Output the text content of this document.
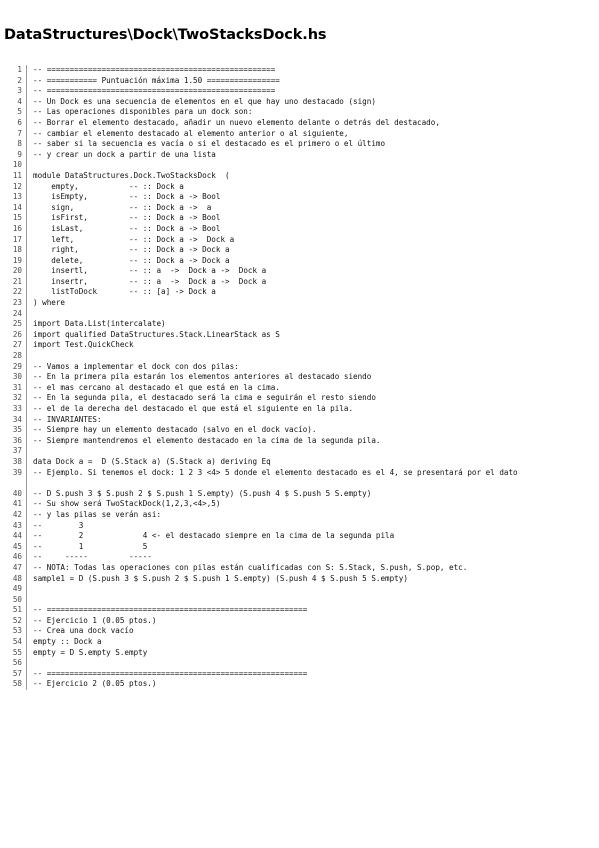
DataStructures\Dock\TwoStacksDock.hs
1 -- ==================================================
2 -- =========== Puntuación máxima 1.50 ================
3 -- ==================================================
4 -- Un Dock es una secuencia de elementos en el que hay uno destacado (sign)
5 -- Las operaciones disponibles para un dock son:
6 -- Borrar el elemento destacado, añadir un nuevo elemento delante o detrás del destacado,
7 -- cambiar el elemento destacado al elemento anterior o al siguiente,
8 -- saber si la secuencia es vacía o si el destacado es el primero o el último
9 -- y crear un dock a partir de una lista
10
11 module DataStructures.Dock.TwoStacksDock  (
12 empty,           -- :: Dock a
13 isEmpty,         -- :: Dock a -> Bool
14 sign,            -- :: Dock a ->  a
15 isFirst,         -- :: Dock a -> Bool
16 isLast,          -- :: Dock a -> Bool
17 left,            -- :: Dock a ->  Dock a
18 right,           -- :: Dock a -> Dock a
19 delete,          -- :: Dock a -> Dock a
20 insertl,         -- :: a  ->  Dock a ->  Dock a
21 insertr,         -- :: a  ->  Dock a ->  Dock a
22 listToDock       -- :: [a] -> Dock a
23 ) where
24
25 import Data.List(intercalate)
26 import qualified DataStructures.Stack.LinearStack as S
27 import Test.QuickCheck
28
29 -- Vamos a implementar el dock con dos pilas:
30 -- En la primera pila estarán los elementos anteriores al destacado siendo
31 -- el mas cercano al destacado el que está en la cima.
32 -- En la segunda pila, el destacado será la cima e seguirán el resto siendo
33 -- el de la derecha del destacado el que está el siguiente en la pila.
34 -- INVARIANTES:
35 -- Siempre hay un elemento destacado (salvo en el dock vacío).
36 -- Siempre mantendremos el elemento destacado en la cima de la segunda pila.
37
38 data Dock a =  D (S.Stack a) (S.Stack a) deriving Eq
39 -- Ejemplo. Si tenemos el dock: 1 2 3 <4> 5 donde el elemento destacado es el 4, se presentará por el dato
40 -- D S.push 3 $ S.push 2 $ S.push 1 S.empty) (S.push 4 $ S.push 5 S.empty)
41 -- Su show será TwoStackDock(1,2,3,<4>,5)
42 -- y las pilas se verán asi:
43 --        3
44 --        2             4 <- el destacado siempre en la cima de la segunda pila
45 --        1             5
46 --     -----         -----
47 -- NOTA: Todas las operaciones con pilas están cualificadas con S: S.Stack, S.push, S.pop, etc.
48 sample1 = D (S.push 3 $ S.push 2 $ S.push 1 S.empty) (S.push 4 $ S.push 5 S.empty)
49
50
51 -- =========================================================
52 -- Ejercicio 1 (0.05 ptos.)
53 -- Crea una dock vacío
54 empty :: Dock a
55 empty = D S.empty S.empty
56
57 -- =========================================================
58 -- Ejercicio 2 (0.05 ptos.)
